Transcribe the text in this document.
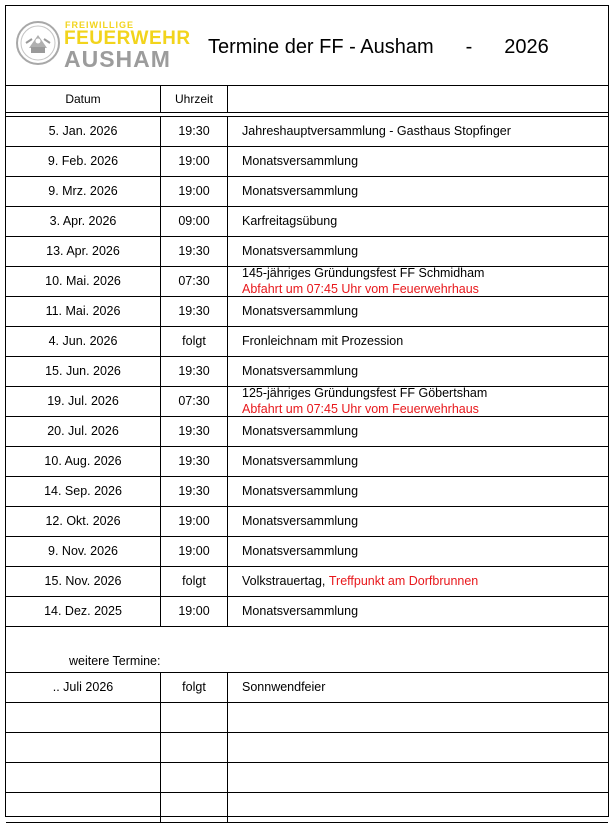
FREIWILLIGE
FEUERWEHR
AUSHAM Termine der FF - Ausham - 2026
Datum	Uhrzeit
5. Jan. 2026	19:30	Jahreshauptversammlung - Gasthaus Stopfinger
9. Feb. 2026	19:00	Monatsversammlung
9. Mrz. 2026	19:00	Monatsversammlung
3. Apr. 2026	09:00	Karfreitagsübung
13. Apr. 2026	19:30	Monatsversammlung
10. Mai. 2026	07:30
145-jähriges Gründungsfest FF Schmidham
Abfahrt um 07:45 Uhr vom Feuerwehrhaus
11. Mai. 2026	19:30	Monatsversammlung
4. Jun. 2026	folgt	Fronleichnam mit Prozession
15. Jun. 2026	19:30	Monatsversammlung
19. Jul. 2026	07:30
125-jähriges Gründungsfest FF Göbertsham
Abfahrt um 07:45 Uhr vom Feuerwehrhaus
20. Jul. 2026	19:30	Monatsversammlung
10. Aug. 2026	19:30	Monatsversammlung
14. Sep. 2026	19:30	Monatsversammlung
12. Okt. 2026	19:00	Monatsversammlung
9. Nov. 2026	19:00	Monatsversammlung
15. Nov. 2026	folgt	Volkstrauertag,
Treffpunkt am Dorfbrunnen
14. Dez. 2025	19:00	Monatsversammlung
weitere Termine:
.. Juli 2026	folgt	Sonnwendfeier
